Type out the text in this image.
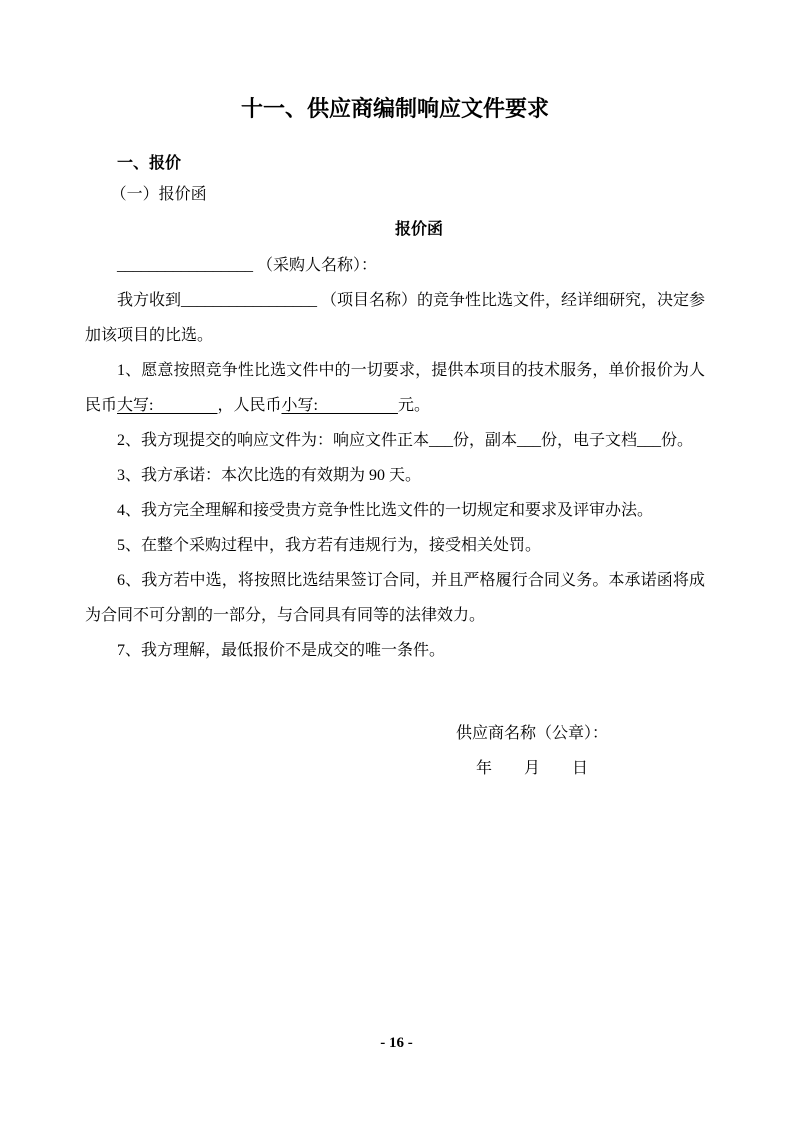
十一、供应商编制响应文件要求
一、报价
（一）报价函
报价函

_________________ （采购人名称）：

我方收到_________________ （项目名称）的竞争性比选文件，经详细研究，决定参加该项目的比选。

1、愿意按照竞争性比选文件中的一切要求，提供本项目的技术服务，单价报价为人民币大写:　　　　，人民币小写:　　　　　元。

2、我方现提交的响应文件为：响应文件正本___份，副本___份，电子文档___份。

3、我方承诺：本次比选的有效期为 90 天。

4、我方完全理解和接受贵方竞争性比选文件的一切规定和要求及评审办法。

5、在整个采购过程中，我方若有违规行为，接受相关处罚。

6、我方若中选，将按照比选结果签订合同，并且严格履行合同义务。本承诺函将成为合同不可分割的一部分，与合同具有同等的法律效力。

7、我方理解，最低报价不是成交的唯一条件。

供应商名称（公章）：
年　　月　　日
- 16 -
